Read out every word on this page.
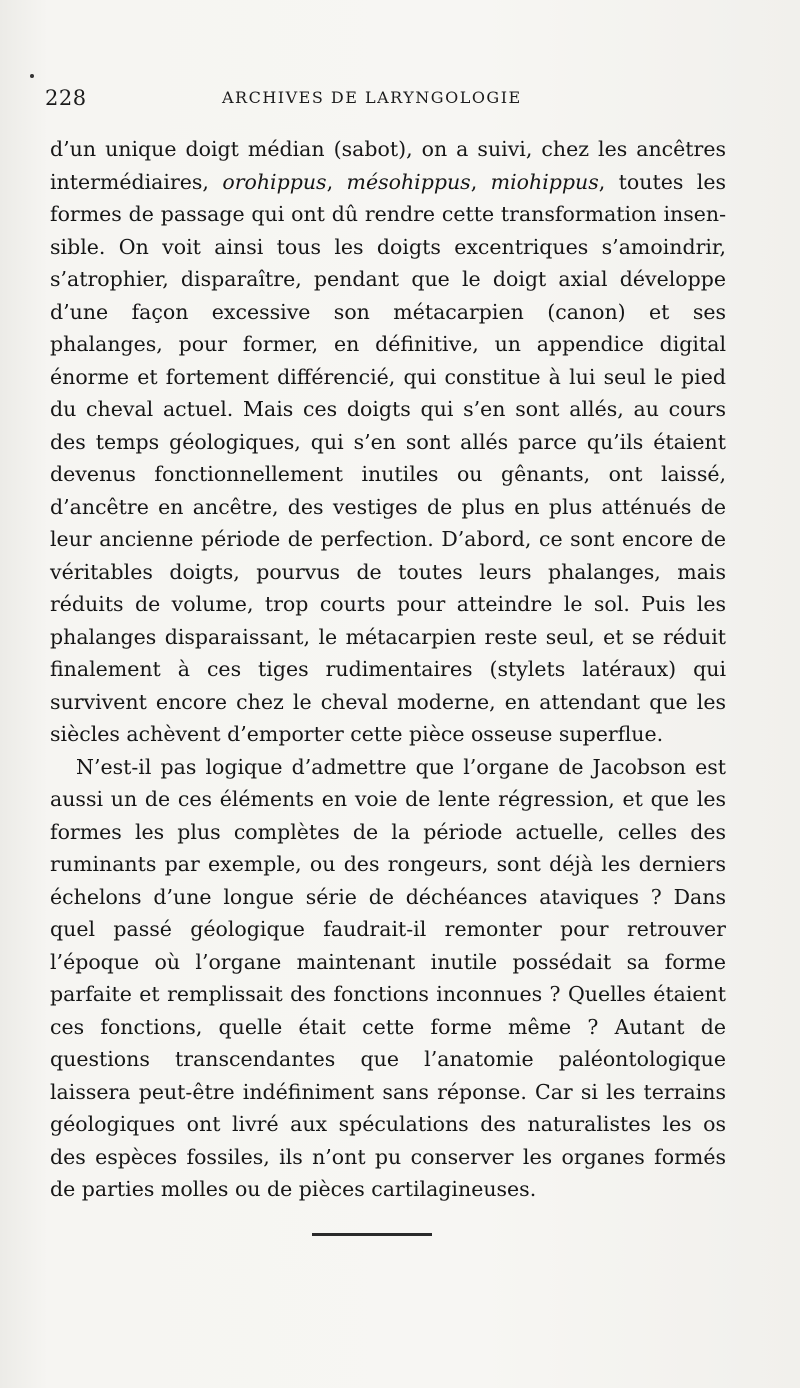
228	ARCHIVES DE LARYNGOLOGIE

d’un unique doigt médian (sabot), on a suivi, chez les ancêtres intermédiaires, orohippus, mésohippus, miohippus, toutes les formes de passage qui ont dû rendre cette transformation insensible. On voit ainsi tous les doigts excentriques s’amoindrir, s’atrophier, disparaître, pendant que le doigt axial développe d’une façon excessive son métacarpien (canon) et ses phalanges, pour former, en définitive, un appendice digital énorme et fortement différencié, qui constitue à lui seul le pied du cheval actuel. Mais ces doigts qui s’en sont allés, au cours des temps géologiques, qui s’en sont allés parce qu’ils étaient devenus fonctionnellement inutiles ou gênants, ont laissé, d’ancêtre en ancêtre, des vestiges de plus en plus atténués de leur ancienne période de perfection. D’abord, ce sont encore de véritables doigts, pourvus de toutes leurs phalanges, mais réduits de volume, trop courts pour atteindre le sol. Puis les phalanges disparaissant, le métacarpien reste seul, et se réduit finalement à ces tiges rudimentaires (stylets latéraux) qui survivent encore chez le cheval moderne, en attendant que les siècles achèvent d’emporter cette pièce osseuse superflue.

N’est-il pas logique d’admettre que l’organe de Jacobson est aussi un de ces éléments en voie de lente régression, et que les formes les plus complètes de la période actuelle, celles des ruminants par exemple, ou des rongeurs, sont déjà les derniers échelons d’une longue série de déchéances ataviques ? Dans quel passé géologique faudrait-il remonter pour retrouver l’époque où l’organe maintenant inutile possédait sa forme parfaite et remplissait des fonctions inconnues ? Quelles étaient ces fonctions, quelle était cette forme même ? Autant de questions transcendantes que l’anatomie paléontologique laissera peut-être indéfiniment sans réponse. Car si les terrains géologiques ont livré aux spéculations des naturalistes les os des espèces fossiles, ils n’ont pu conserver les organes formés de parties molles ou de pièces cartilagineuses.
